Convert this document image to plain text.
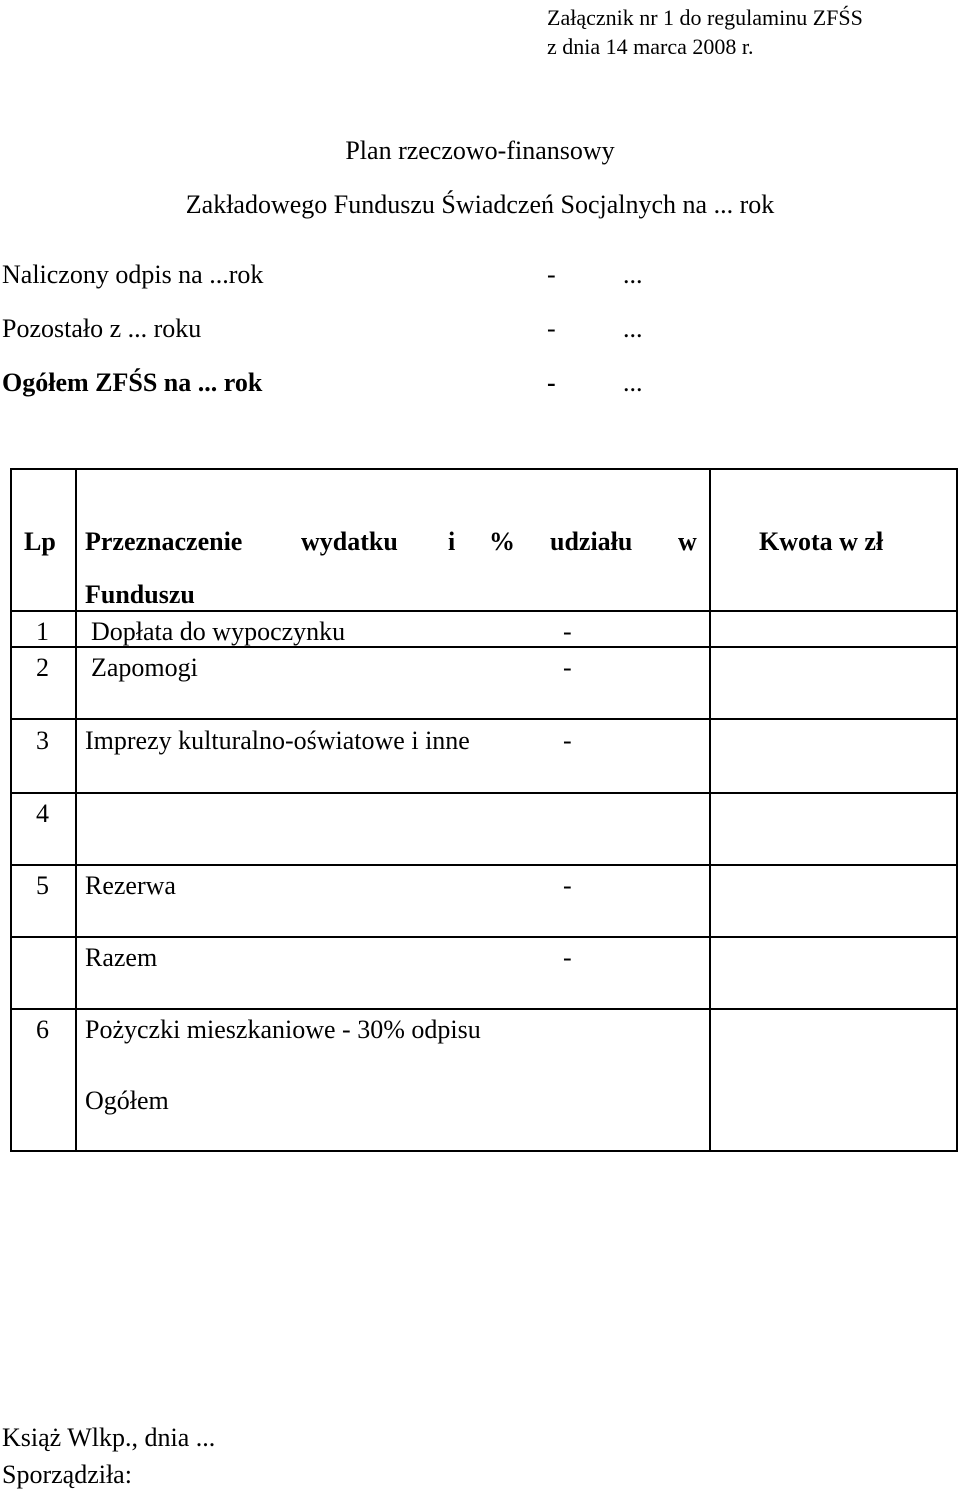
Załącznik nr 1 do regulaminu ZFŚS
z dnia 14 marca 2008 r.
Plan rzeczowo-finansowy
Zakładowego Funduszu Świadczeń Socjalnych na ... rok
Naliczony odpis na ...rok	-	...
Pozostało z ... roku	-	...
Ogółem ZFŚS na ... rok	-	...
Lp Przeznaczenie wydatku i % udziału w
Funduszu
Kwota w zł
1 Dopłata do wypoczynku	-
2 Zapomogi	-
3 Imprezy kulturalno-oświatowe i inne	-
4
5 Rezerwa	-
Razem	-
6 Pożyczki mieszkaniowe - 30% odpisu
Ogółem
Książ Wlkp., dnia ...
Sporządziła:
